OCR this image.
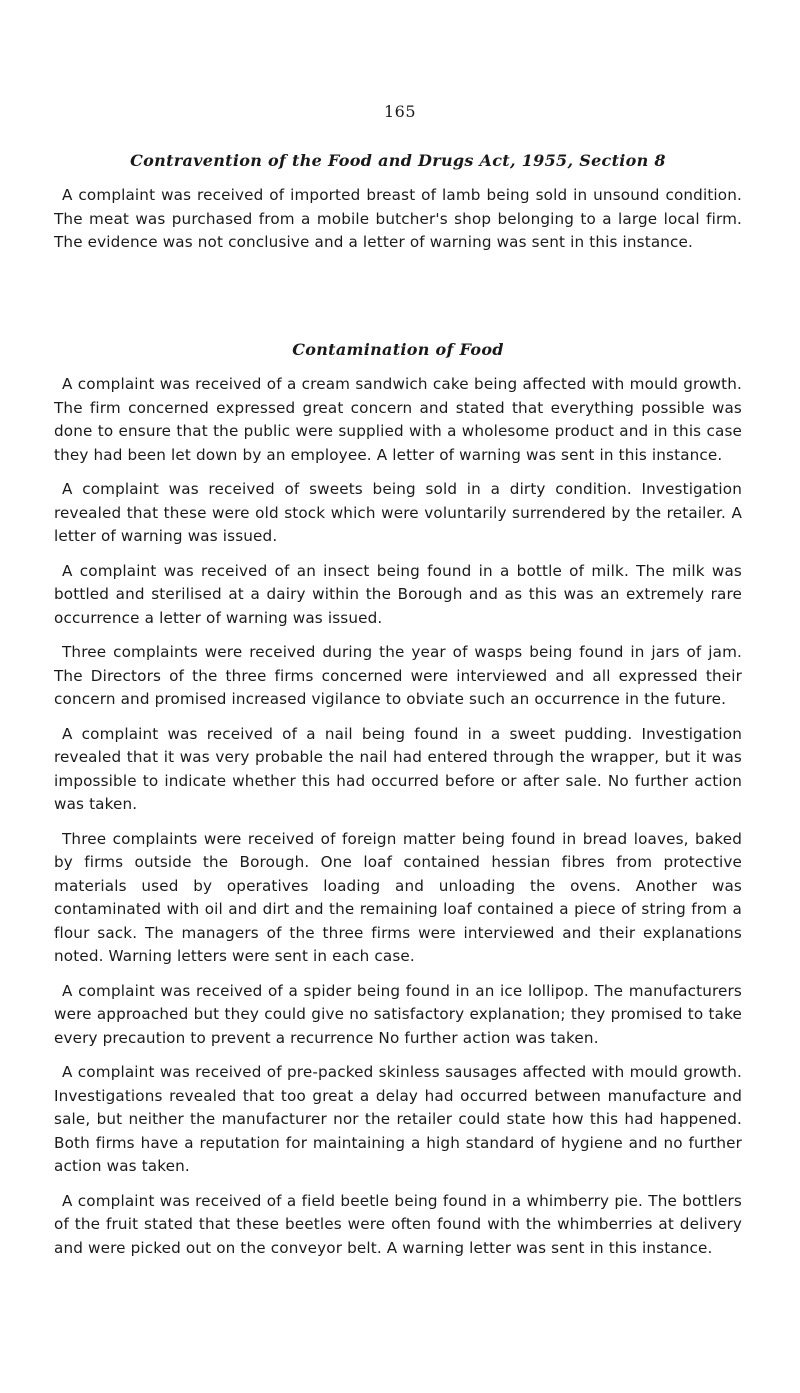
165
Contravention of the Food and Drugs Act, 1955, Section 8

A complaint was received of imported breast of lamb being sold in unsound condition. The meat was purchased from a mobile butcher's shop belonging to a large local firm. The evidence was not conclusive and a letter of warning was sent in this instance.

Contamination of Food

A complaint was received of a cream sandwich cake being affected with mould growth. The firm concerned expressed great concern and stated that everything possible was done to ensure that the public were supplied with a wholesome product and in this case they had been let down by an employee. A letter of warning was sent in this instance.

A complaint was received of sweets being sold in a dirty condition. Investigation revealed that these were old stock which were voluntarily surrendered by the retailer. A letter of warning was issued.

A complaint was received of an insect being found in a bottle of milk. The milk was bottled and sterilised at a dairy within the Borough and as this was an extremely rare occurrence a letter of warning was issued.

Three complaints were received during the year of wasps being found in jars of jam. The Directors of the three firms concerned were interviewed and all expressed their concern and promised increased vigilance to obviate such an occurrence in the future.

A complaint was received of a nail being found in a sweet pudding. Investigation revealed that it was very probable the nail had entered through the wrapper, but it was impossible to indicate whether this had occurred before or after sale. No further action was taken.

Three complaints were received of foreign matter being found in bread loaves, baked by firms outside the Borough. One loaf contained hessian fibres from protective materials used by operatives loading and unloading the ovens. Another was contaminated with oil and dirt and the remaining loaf contained a piece of string from a flour sack. The managers of the three firms were interviewed and their explanations noted. Warning letters were sent in each case.

A complaint was received of a spider being found in an ice lollipop. The manufacturers were approached but they could give no satisfactory explanation; they promised to take every precaution to prevent a recurrence No further action was taken.

A complaint was received of pre-packed skinless sausages affected with mould growth. Investigations revealed that too great a delay had occurred between manufacture and sale, but neither the manufacturer nor the retailer could state how this had happened. Both firms have a reputation for maintaining a high standard of hygiene and no further action was taken.

A complaint was received of a field beetle being found in a whimberry pie. The bottlers of the fruit stated that these beetles were often found with the whimberries at delivery and were picked out on the conveyor belt. A warning letter was sent in this instance.
